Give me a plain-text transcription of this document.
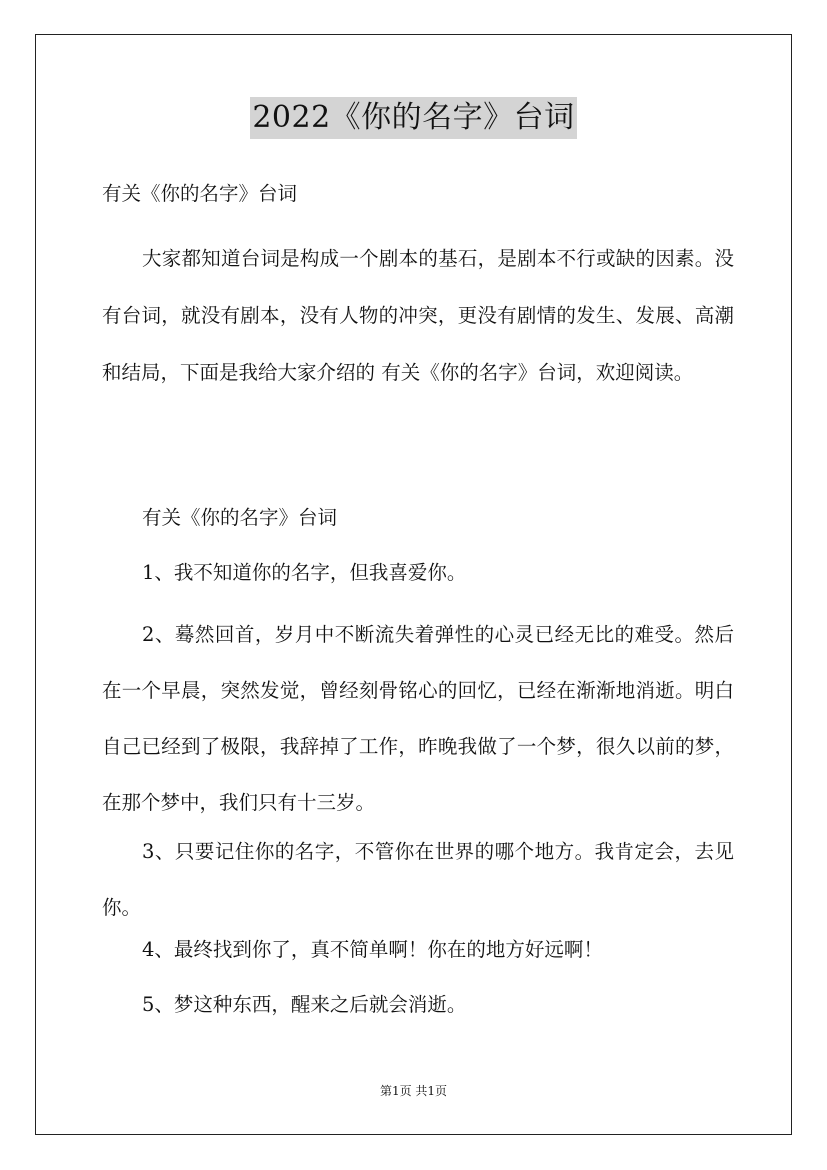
2022《你的名字》台词

有关《你的名字》台词

大家都知道台词是构成一个剧本的基石，是剧本不行或缺的因素。没有台词，就没有剧本，没有人物的冲突，更没有剧情的发生、发展、高潮和结局，下面是我给大家介绍的 有关《你的名字》台词，欢迎阅读。

有关《你的名字》台词

1、我不知道你的名字，但我喜爱你。

2、蓦然回首，岁月中不断流失着弹性的心灵已经无比的难受。然后在一个早晨，突然发觉，曾经刻骨铭心的回忆，已经在渐渐地消逝。明白自己已经到了极限，我辞掉了工作，昨晚我做了一个梦，很久以前的梦，在那个梦中，我们只有十三岁。

3、只要记住你的名字，不管你在世界的哪个地方。我肯定会，去见你。

4、最终找到你了，真不简单啊！你在的地方好远啊！

5、梦这种东西，醒来之后就会消逝。

第1页 共1页
